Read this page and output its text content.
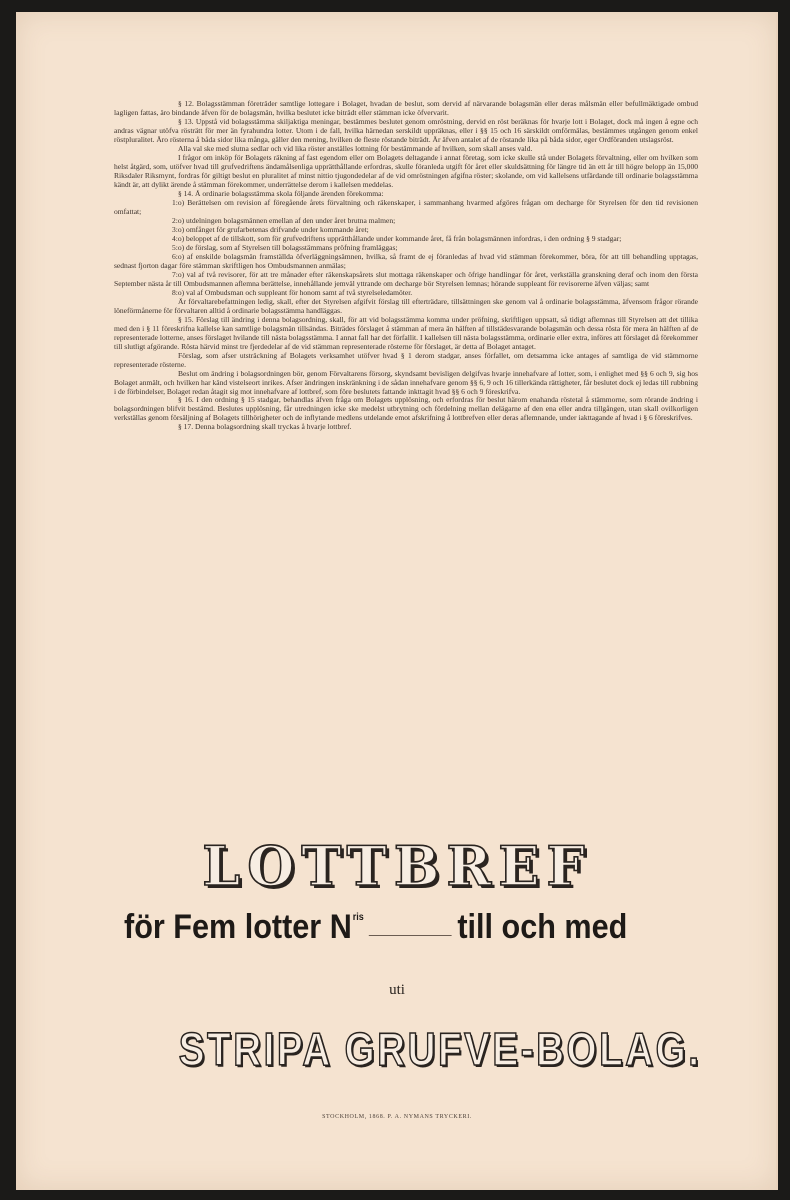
§ 12. Bolagsstämman företräder samtlige lottegare i Bolaget, hvadan de beslut, som dervid af närvarande bolagsmän eller deras målsmän eller befullmäktigade ombud lagligen fattas, äro bindande äfven för de bolagsmän, hvilka beslutet icke biträdt eller stämman icke öfvervarit.

§ 13. Uppstå vid bolagsstämma skiljaktiga meningar, bestämmes beslutet genom omröstning, dervid en röst beräknas för hvarje lott i Bolaget, dock må ingen å egne och andras vägnar utöfva rösträtt för mer än fyrahundra lotter. Utom i de fall, hvilka härnedan serskildt uppräknas, eller i §§ 15 och 16 särskildt omförmälas, bestämmes utgången genom enkel röstpluralitet. Äro rösterna å båda sidor lika många, gäller den mening, hvilken de fleste röstande biträdt. Är äfven antalet af de röstande lika på båda sidor, eger Ordföranden utslagsröst.

Alla val ske med slutna sedlar och vid lika röster anställes lottning för bestämmande af hvilken, som skall anses vald.

I frågor om inköp för Bolagets räkning af fast egendom eller om Bolagets deltagande i annat företag, som icke skulle stå under Bolagets förvaltning, eller om hvilken som helst åtgärd, som, utöfver hvad till grufvedriftens ändamålsenliga upprätthållande erfordras, skulle föranleda utgift för året eller skuldsättning för längre tid än ett år till högre belopp än 15,000 Riksdaler Riksmynt, fordras för giltigt beslut en pluralitet af minst nittio tjugondedelar af de vid omröstningen afgifna röster; skolande, om vid kallelsens utfärdande till ordinarie bolagsstämma kändt är, att dylikt ärende å stämman förekommer, underrättelse derom i kallelsen meddelas.

§ 14. Å ordinarie bolagsstämma skola följande ärenden förekomma:

1:o) Berättelsen om revision af föregående årets förvaltning och räkenskaper, i sammanhang hvarmed afgöres frågan om decharge för Styrelsen för den tid revisionen omfattat;

2:o) utdelningen bolagsmännen emellan af den under året brutna malmen;

3:o) omfånget för grufarbetenas drifvande under kommande året;

4:o) beloppet af de tillskott, som för grufvedriftens upprätthållande under kommande året, få från bolagsmännen infordras, i den ordning § 9 stadgar;

5:o) de förslag, som af Styrelsen till bolagsstämmans pröfning framläggas;

6:o) af enskilde bolagsmän framställda öfverläggningsämnen, hvilka, så framt de ej föranledas af hvad vid stämman förekommer, böra, för att till behandling upptagas, sednast fjorton dagar före stämman skriftligen hos Ombudsmannen anmälas;

7:o) val af två revisorer, för att tre månader efter räkenskapsårets slut mottaga räkenskaper och öfrige handlingar för året, verkställa granskning deraf och inom den första September nästa år till Ombudsmannen aflemna berättelse, innehållande jemväl yttrande om decharge bör Styrelsen lemnas; hörande suppleant för revisorerne äfven väljas; samt

8:o) val af Ombudsman och suppleant för honom samt af två styrelseledamöter.

Är förvaltarebefattningen ledig, skall, efter det Styrelsen afgifvit förslag till efterträdare, tillsättningen ske genom val å ordinarie bolagsstämma, äfvensom frågor rörande löneförmånerne för förvaltaren alltid å ordinarie bolagsstämma handläggas.

§ 15. Förslag till ändring i denna bolagsordning, skall, för att vid bolagsstämma komma under pröfning, skriftligen uppsatt, så tidigt aflemnas till Styrelsen att det tillika med den i § 11 föreskrifna kallelse kan samtlige bolagsmän tillsändas. Biträdes förslaget å stämman af mera än hälften af tillstädesvarande bolagsmän och dessa rösta för mera än hälften af de representerade lotterne, anses förslaget hvilande till nästa bolagsstämma. I annat fall har det förfallit. I kallelsen till nästa bolagsstämma, ordinarie eller extra, införes att förslaget då förekommer till slutligt afgörande. Rösta härvid minst tre fjerdedelar af de vid stämman representerade rösterne för förslaget, är detta af Bolaget antaget.

Förslag, som afser utsträckning af Bolagets verksamhet utöfver hvad § 1 derom stadgar, anses förfallet, om detsamma icke antages af samtliga de vid stämmorne representerade rösterne.

Beslut om ändring i bolagsordningen bör, genom Förvaltarens försorg, skyndsamt bevisligen delgifvas hvarje innehafvare af lotter, som, i enlighet med §§ 6 och 9, sig hos Bolaget anmält, och hvilken har känd vistelseort inrikes. Afser ändringen inskränkning i de sådan innehafvare genom §§ 6, 9 och 16 tillerkända rättigheter, får beslutet dock ej ledas till rubbning i de förbindelser, Bolaget redan åtagit sig mot innehafvare af lottbref, som före beslutets fattande inkttagit hvad §§ 6 och 9 föreskrifva.

§ 16. I den ordning § 15 stadgar, behandlas äfven fråga om Bolagets upplösning, och erfordras för beslut härom enahanda röstetal å stämmorne, som rörande ändring i bolagsordningen blifvit bestämd. Beslutes upplösning, får utredningen icke ske medelst utbrytning och fördelning mellan delägarne af den ena eller andra tillgången, utan skall ovilkorligen verkställas genom försäljning af Bolagets tillhörigheter och de inflytande medlens utdelande emot afskrifning å lottbrefven eller deras aflemnande, under iakttagande af hvad i § 6 föreskrifves.

§ 17. Denna bolagsordning skall tryckas å hvarje lottbref.

LOTTBREF
för Fem lotter $N^{ris}$	till och med
uti
STRIPA GRUFVE-BOLAG.
STOCKHOLM, 1868. P. A. NYMANS TRYCKERI.
